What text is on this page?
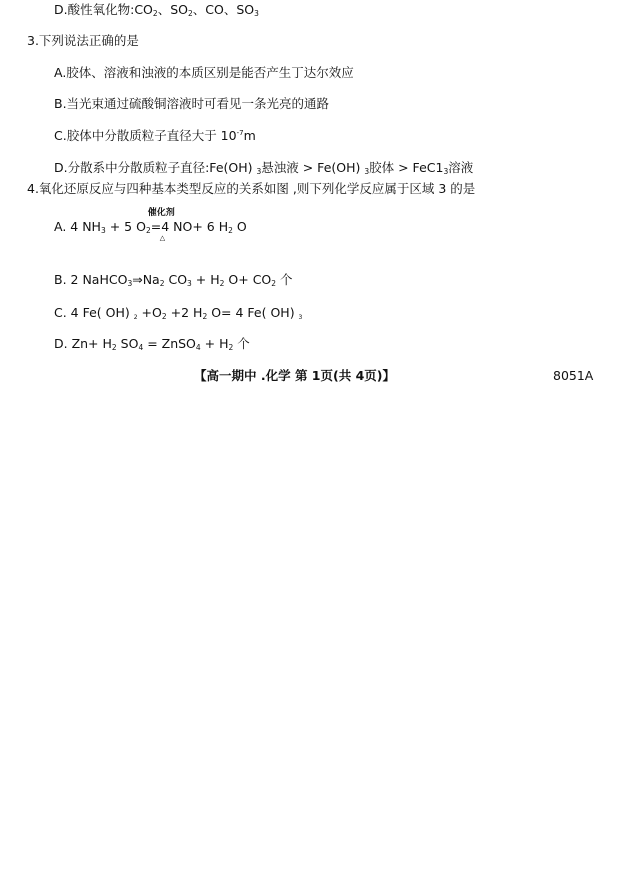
D.酸性氧化物:CO2、SO2、CO、SO3
3.下列说法正确的是
A.胶体、溶液和浊液的本质区别是能否产生丁达尔效应
B.当光束通过硫酸铜溶液时可看见一条光亮的通路
C.胶体中分散质粒子直径大于 $10^{-7}m$
D.分散系中分散质粒子直径:Fe(OH) 3悬浊液 > Fe(OH) 3胶体 > FeC13溶液
4.氧化还原反应与四种基本类型反应的关系如图 ,则下列化学反应属于区域 3 的是
A. 4 NH3 + 5 O2
催化剂
=
△
4 NO+ 6 H2 O
B. 2 NaHCO3⇒Na2 CO3 + H2 O+ CO2 个
C. 4 Fe( OH) 2 +O2 +2 H2 O= 4 Fe( OH) 3
D. Zn+ H2 SO4 = ZnSO4 + H2 个
【高一期中 .化学 第 1页(共 4页)】	8051A
